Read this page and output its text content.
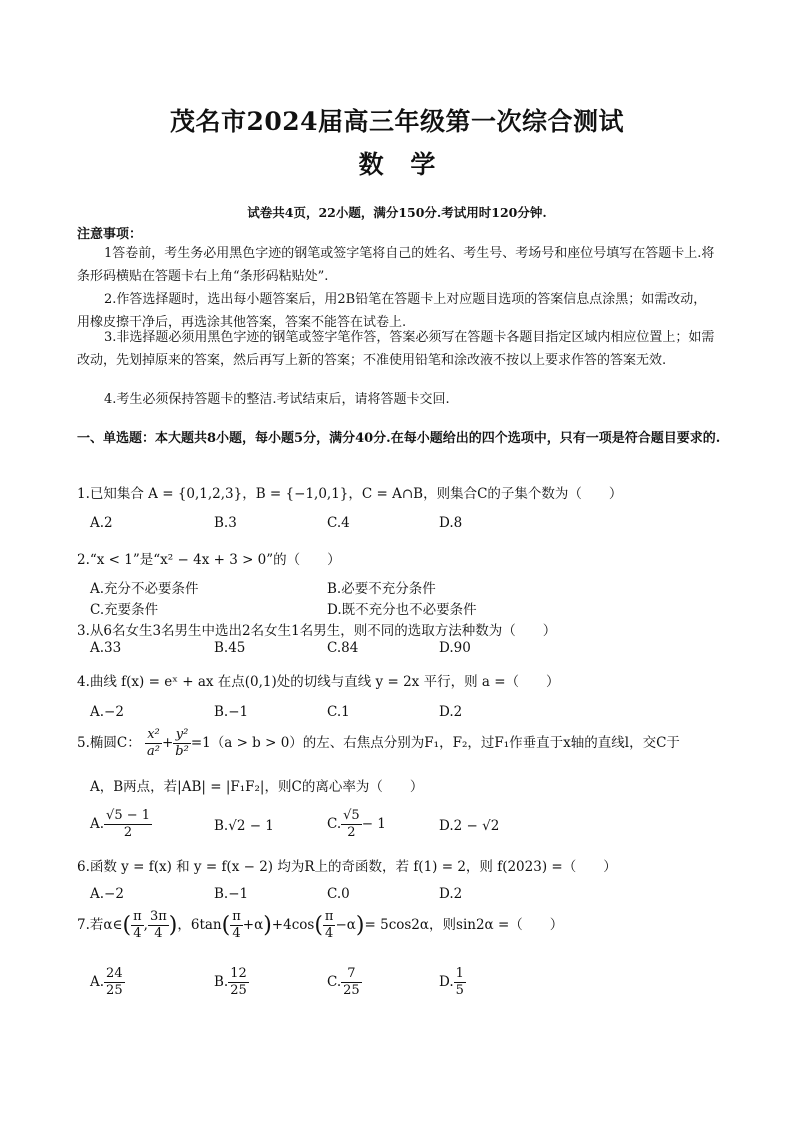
茂名市2024届高三年级第一次综合测试
数 学
试卷共4页，22小题，满分150分.考试用时120分钟.
注意事项：
1答卷前，考生务必用黑色字迹的钢笔或签字笔将自己的姓名、考生号、考场号和座位号填写在答题卡上.将条形码横贴在答题卡右上角“条形码粘贴处”.
2.作答选择题时，选出每小题答案后，用2B铅笔在答题卡上对应题目选项的答案信息点涂黑；如需改动，用橡皮擦干净后，再选涂其他答案，答案不能答在试卷上.
3.非选择题必须用黑色字迹的钢笔或签字笔作答，答案必须写在答题卡各题目指定区域内相应位置上；如需改动，先划掉原来的答案，然后再写上新的答案；不准使用铅笔和涂改液不按以上要求作答的答案无效.
4.考生必须保持答题卡的整洁.考试结束后，请将答题卡交回.
一、单选题：本大题共8小题，每小题5分，满分40分.在每小题给出的四个选项中，只有一项是符合题目要求的.
1.已知集合 A = {0,1,2,3}，B = {−1,0,1}，C = A∩B，则集合C的子集个数为（　　）
A.2	B.3	C.4	D.8
2.“x < 1”是“x² − 4x + 3 > 0”的（　　）
A.充分不必要条件	B.必要不充分条件
C.充要条件	D.既不充分也不必要条件
3.从6名女生3名男生中选出2名女生1名男生，则不同的选取方法种数为（　　）
A.33	B.45	C.84	D.90
4.曲线 f(x) = eˣ + ax 在点(0,1)处的切线与直线 y = 2x 平行，则 a =（　　）
A.−2	B.−1	C.1	D.2
5.椭圆C： $\frac{\text{x²}}{\text{a²}} + \frac{\text{y²}}{\text{b²}} =1(a > b > 0)$的左、右焦点分别为F₁，F₂，过F₁作垂直于x轴的直线l，交C于
A，B两点，若|AB| = |F₁F₂|，则C的离心率为（　　）
A. $\frac{√5 - 1}{2}$	B.√2 − 1	C. $\frac{√5}{2} - 1$	D.2 − √2
6.函数 y = f(x) 和 y = f(x − 2) 均为R上的奇函数，若 f(1) = 2，则 f(2023) =（　　）
A.−2	B.−1	C.0	D.2
7.若α∈( $\frac{\pi}{4}$ , $\frac{3\pi}{4}$ )，$6\tan( \frac{\pi}{4} +\alpha)+4\cos( \frac{\pi}{4} -\alpha)= 5\cos 2\alpha$，则sin2α =（　　）
A. $\frac{24}{25}$	B. $\frac{12}{25}$	C. $\frac{7}{25}$	D. $\frac{1}{5}$
